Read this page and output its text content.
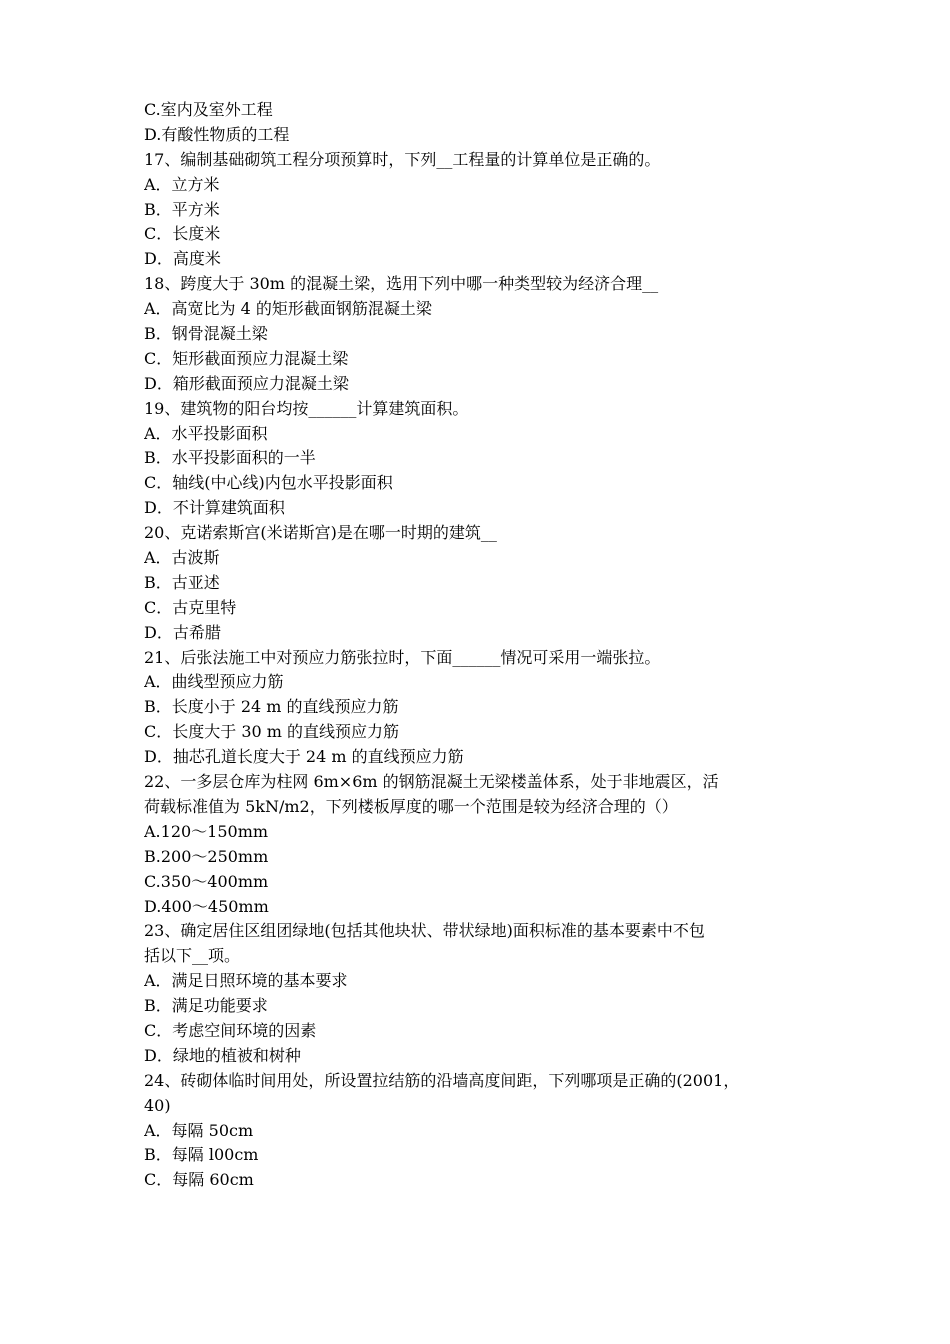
C.室内及室外工程
D.有酸性物质的工程
17、编制基础砌筑工程分项预算时，下列__工程量的计算单位是正确的。
A．立方米
B．平方米
C．长度米
D．高度米
18、跨度大于 30m 的混凝土梁，选用下列中哪一种类型较为经济合理__
A．高宽比为 4 的矩形截面钢筋混凝土梁
B．钢骨混凝土梁
C．矩形截面预应力混凝土梁
D．箱形截面预应力混凝土梁
19、建筑物的阳台均按______计算建筑面积。
A．水平投影面积
B．水平投影面积的一半
C．轴线(中心线)内包水平投影面积
D．不计算建筑面积
20、克诺索斯宫(米诺斯宫)是在哪一时期的建筑__
A．古波斯
B．古亚述
C．古克里特
D．古希腊
21、后张法施工中对预应力筋张拉时，下面______情况可采用一端张拉。
A．曲线型预应力筋
B．长度小于 24 m 的直线预应力筋
C．长度大于 30 m 的直线预应力筋
D．抽芯孔道长度大于 24 m 的直线预应力筋
22、一多层仓库为柱网 6m×6m 的钢筋混凝土无梁楼盖体系，处于非地震区，活
荷载标准值为 5kN/m2，下列楼板厚度的哪一个范围是较为经济合理的（）
A.120～150mm
B.200～250mm
C.350～400mm
D.400～450mm
23、确定居住区组团绿地(包括其他块状、带状绿地)面积标准的基本要素中不包
括以下__项。
A．满足日照环境的基本要求
B．满足功能要求
C．考虑空间环境的因素
D．绿地的植被和树种
24、砖砌体临时间用处，所设置拉结筋的沿墙高度间距，下列哪项是正确的(2001，
40)
A．每隔 50cm
B．每隔 l00cm
C．每隔 60cm
